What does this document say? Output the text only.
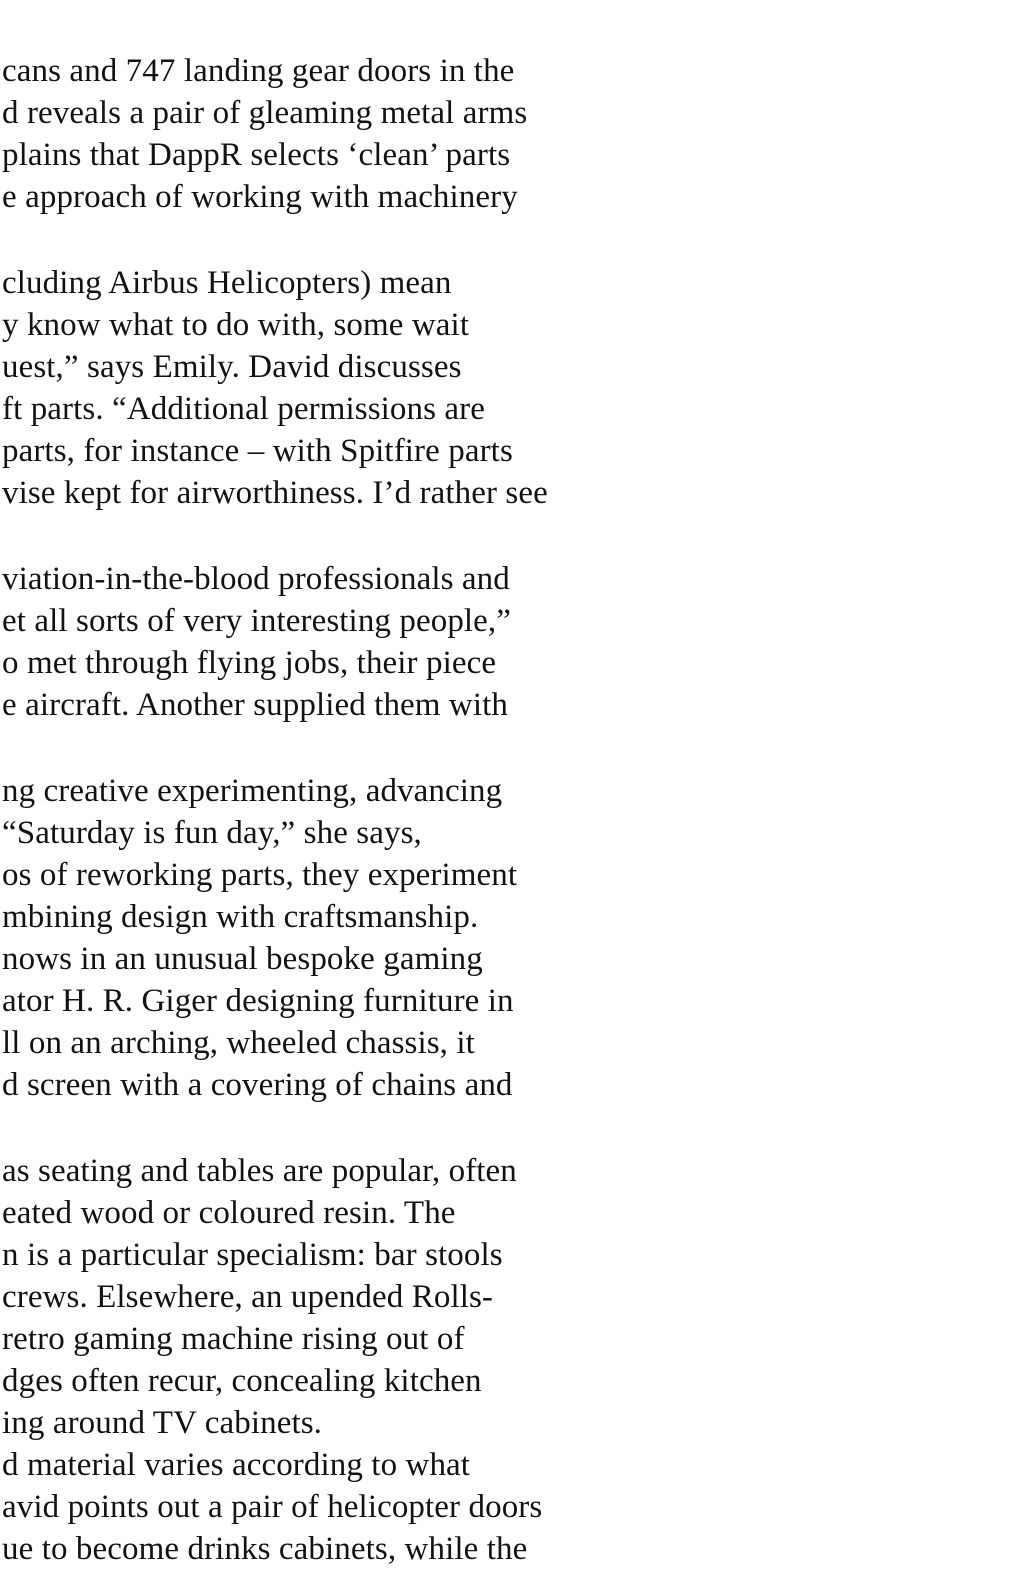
cans and 747 landing gear doors in the
d reveals a pair of gleaming metal arms
plains that DappR selects ‘clean’ parts
e approach of working with machinery
cluding Airbus Helicopters) mean
y know what to do with, some wait
uest,” says Emily. David discusses
ft parts. “Additional permissions are
parts, for instance – with Spitfire parts
vise kept for airworthiness. I’d rather see
viation-in-the-blood professionals and
et all sorts of very interesting people,”
o met through flying jobs, their piece
e aircraft. Another supplied them with
ng creative experimenting, advancing
“Saturday is fun day,” she says,
os of reworking parts, they experiment
mbining design with craftsmanship.
nows in an unusual bespoke gaming
ator H. R. Giger designing furniture in
ll on an arching, wheeled chassis, it
d screen with a covering of chains and
as seating and tables are popular, often
eated wood or coloured resin. The
n is a particular specialism: bar stools
crews. Elsewhere, an upended Rolls-
retro gaming machine rising out of
dges often recur, concealing kitchen
ing around TV cabinets.
d material varies according to what
avid points out a pair of helicopter doors
ue to become drinks cabinets, while the
